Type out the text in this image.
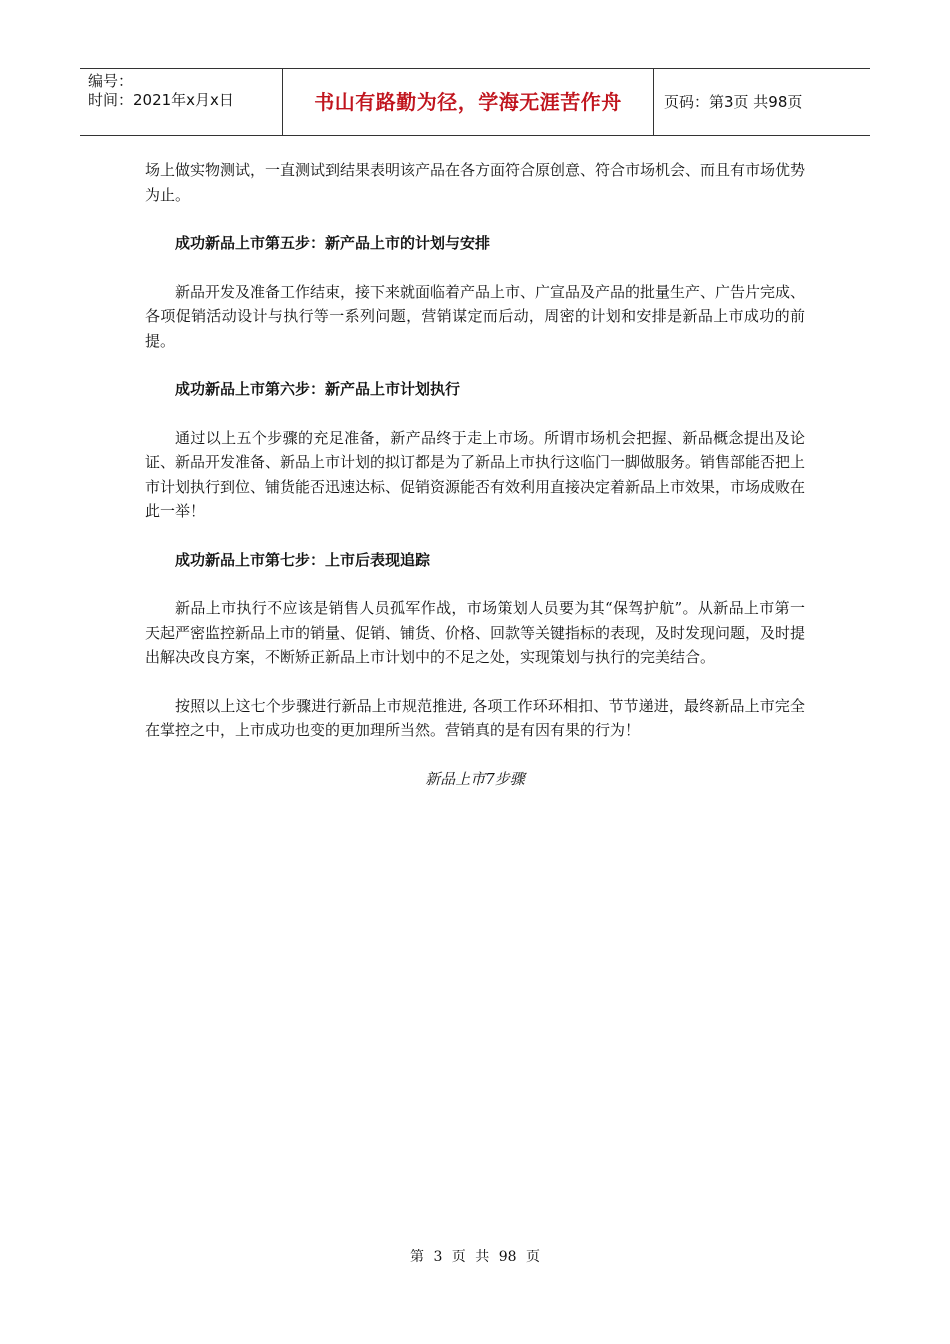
编号：
时间：2021年x月x日	书山有路勤为径，学海无涯苦作舟	页码：第3页 共98页

场上做实物测试，一直测试到结果表明该产品在各方面符合原创意、符合市场机会、而且有市场优势为止。

成功新品上市第五步：新产品上市的计划与安排

新品开发及准备工作结束，接下来就面临着产品上市、广宣品及产品的批量生产、广告片完成、各项促销活动设计与执行等一系列问题，营销谋定而后动，周密的计划和安排是新品上市成功的前提。

成功新品上市第六步：新产品上市计划执行

通过以上五个步骤的充足准备，新产品终于走上市场。所谓市场机会把握、新品概念提出及论证、新品开发准备、新品上市计划的拟订都是为了新品上市执行这临门一脚做服务。销售部能否把上市计划执行到位、铺货能否迅速达标、促销资源能否有效利用直接决定着新品上市效果，市场成败在此一举！

成功新品上市第七步：上市后表现追踪

新品上市执行不应该是销售人员孤军作战，市场策划人员要为其“保驾护航”。从新品上市第一天起严密监控新品上市的销量、促销、铺货、价格、回款等关键指标的表现，及时发现问题，及时提出解决改良方案，不断矫正新品上市计划中的不足之处，实现策划与执行的完美结合。

按照以上这七个步骤进行新品上市规范推进, 各项工作环环相扣、节节递进，最终新品上市完全在掌控之中，上市成功也变的更加理所当然。营销真的是有因有果的行为！

新品上市7步骤

第 3 页 共 98 页
